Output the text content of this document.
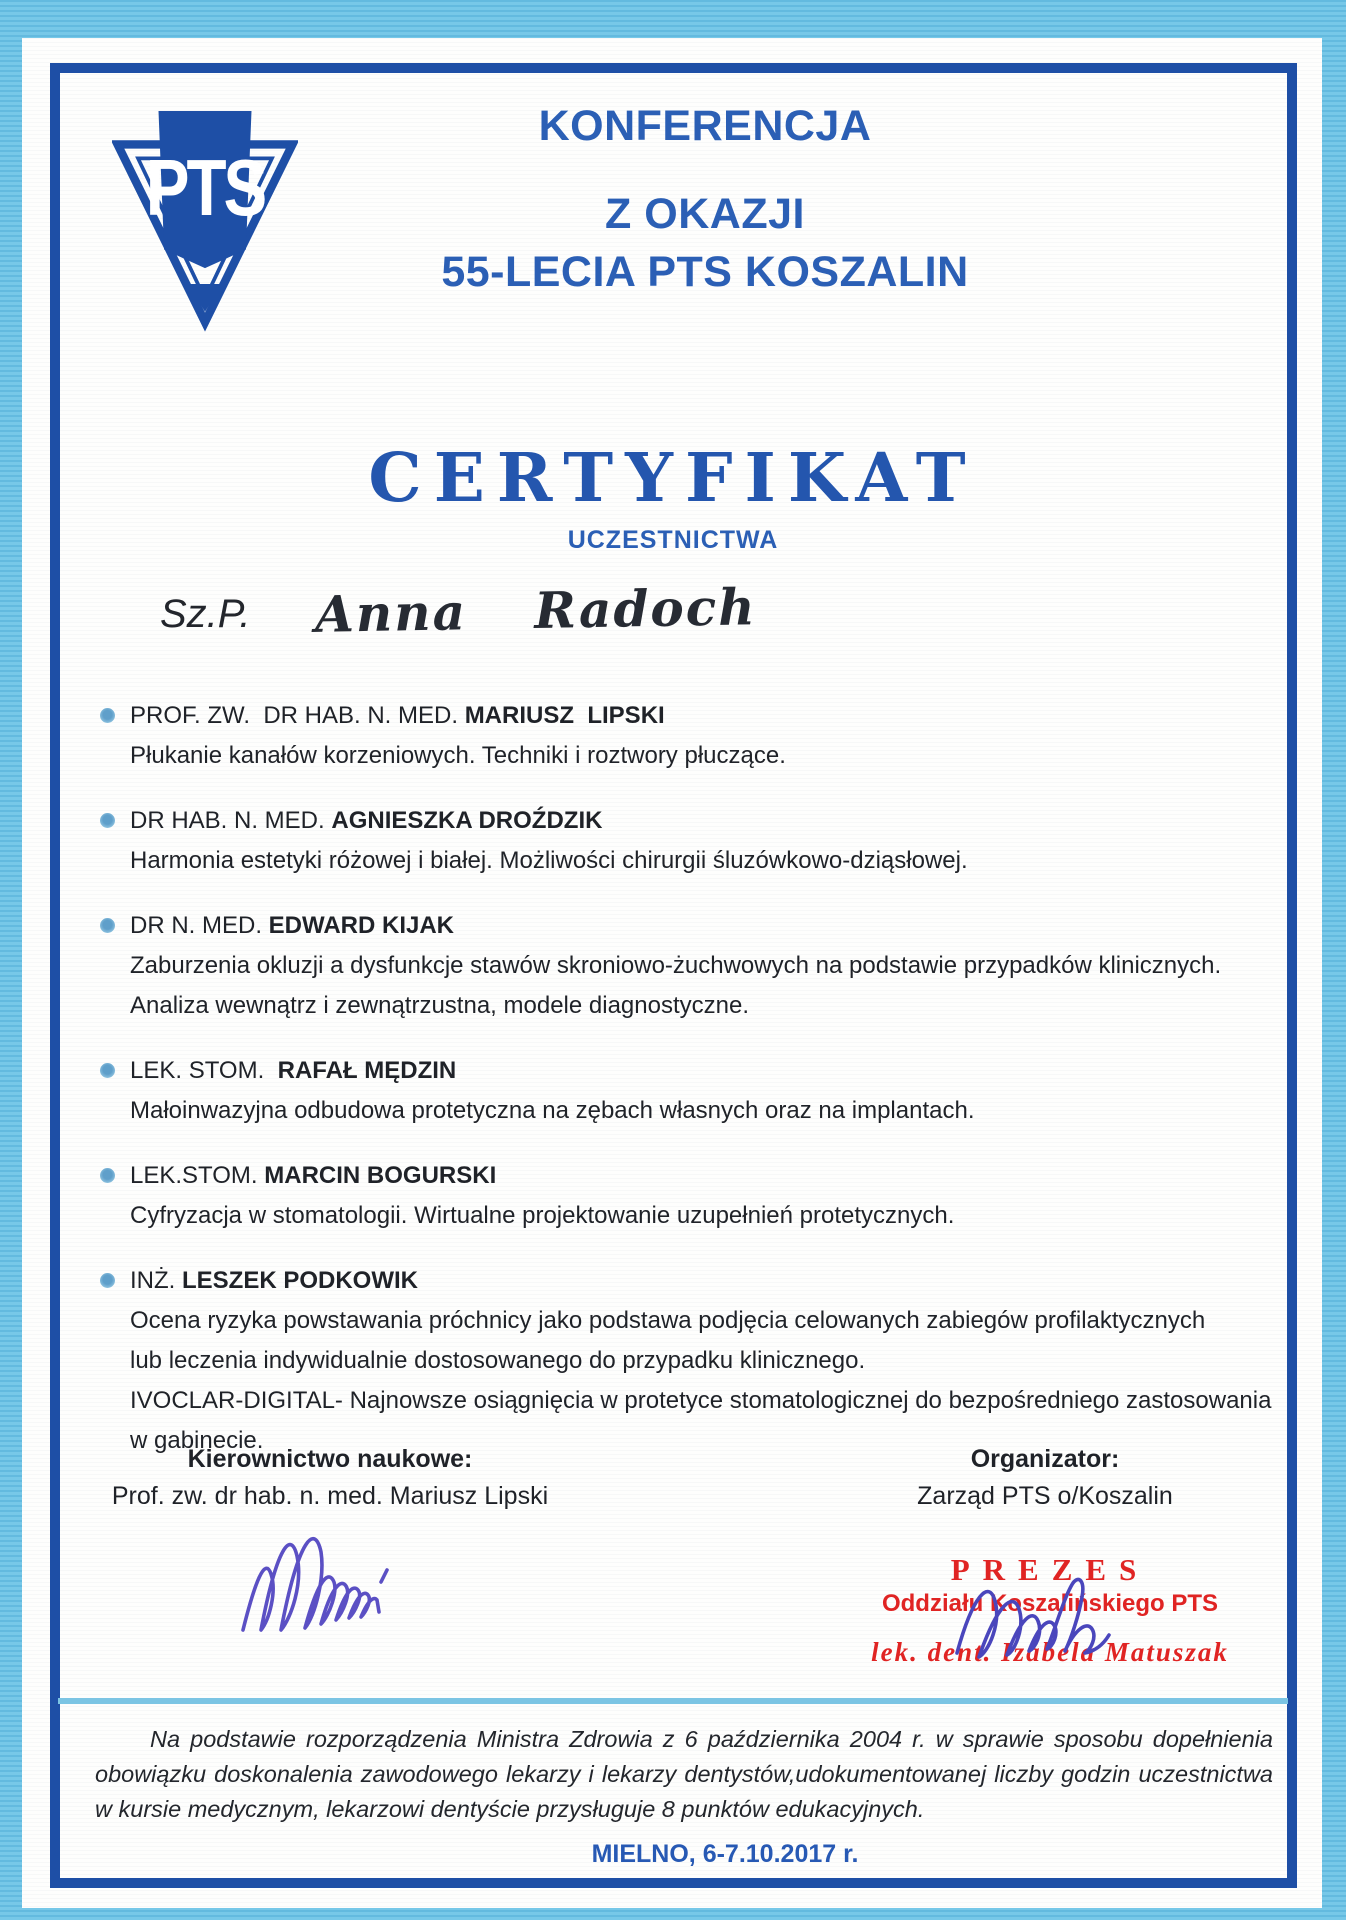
PTS
KONFERENCJA
Z OKAZJI
55-LECIA PTS KOSZALIN
CERTYFIKAT
UCZESTNICTWA
Sz.P. Anna Radoch
PROF. ZW.  DR HAB. N. MED. MARIUSZ  LIPSKI
Płukanie kanałów korzeniowych. Techniki i roztwory płuczące.
DR HAB. N. MED. AGNIESZKA DROŹDZIK
Harmonia estetyki różowej i białej. Możliwości chirurgii śluzówkowo-dziąsłowej.
DR N. MED. EDWARD KIJAK
Zaburzenia okluzji a dysfunkcje stawów skroniowo-żuchwowych na podstawie przypadków klinicznych.
Analiza wewnątrz i zewnątrzustna, modele diagnostyczne.
LEK. STOM.  RAFAŁ MĘDZIN
Małoinwazyjna odbudowa protetyczna na zębach własnych oraz na implantach.
LEK.STOM. MARCIN BOGURSKI
Cyfryzacja w stomatologii. Wirtualne projektowanie uzupełnień protetycznych.
INŻ. LESZEK PODKOWIK
Ocena ryzyka powstawania próchnicy jako podstawa podjęcia celowanych zabiegów profilaktycznych
lub leczenia indywidualnie dostosowanego do przypadku klinicznego.
IVOCLAR-DIGITAL- Najnowsze osiągnięcia w protetyce stomatologicznej do bezpośredniego zastosowania
w gabinecie.
Kierownictwo naukowe:
Prof. zw. dr hab. n. med. Mariusz Lipski
Organizator:
Zarząd PTS o/Koszalin
PREZES
Oddziału Koszalińskiego PTS
lek. dent. Izabela Matuszak

Na podstawie rozporządzenia Ministra Zdrowia z 6 października 2004 r. w sprawie sposobu dopełnienia obowiązku doskonalenia zawodowego lekarzy i lekarzy dentystów,udokumentowanej liczby godzin uczestnictwa w kursie medycznym, lekarzowi dentyście przysługuje 8 punktów edukacyjnych.

MIELNO, 6-7.10.2017 r.
